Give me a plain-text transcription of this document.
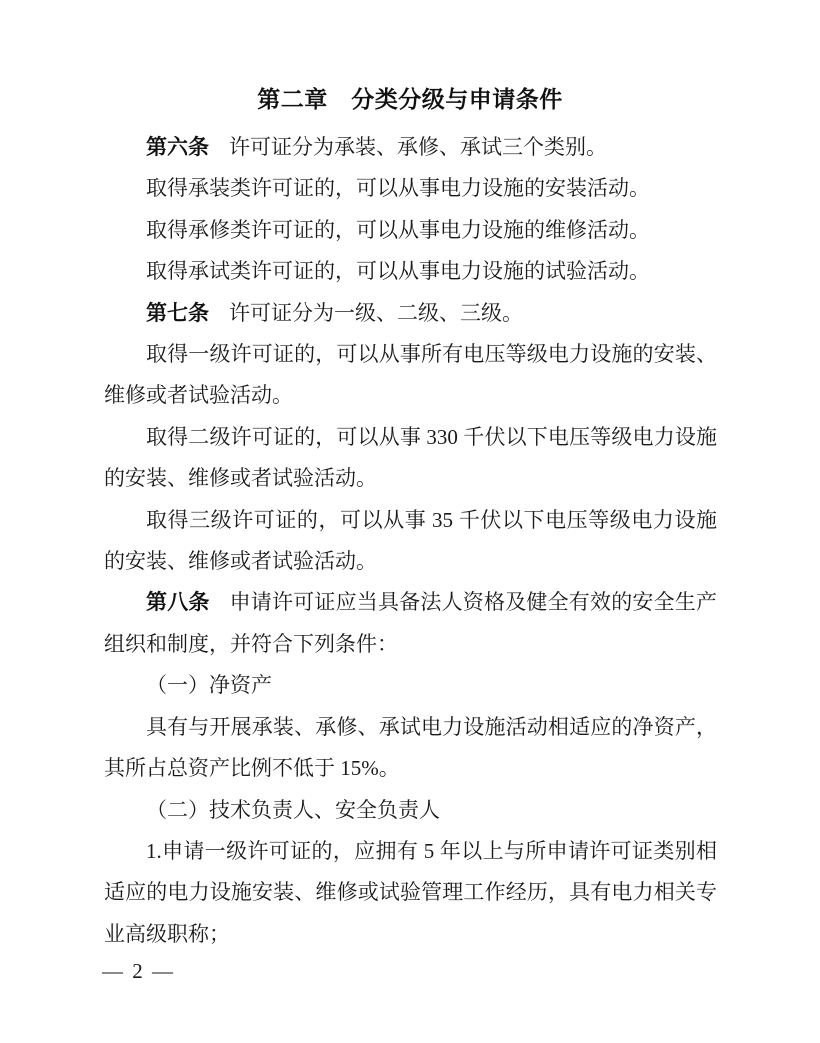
第二章　分类分级与申请条件

第六条 许可证分为承装、承修、承试三个类别。

取得承装类许可证的，可以从事电力设施的安装活动。

取得承修类许可证的，可以从事电力设施的维修活动。

取得承试类许可证的，可以从事电力设施的试验活动。

第七条 许可证分为一级、二级、三级。

取得一级许可证的，可以从事所有电压等级电力设施的安装、维修或者试验活动。

取得二级许可证的，可以从事 330 千伏以下电压等级电力设施的安装、维修或者试验活动。

取得三级许可证的，可以从事 35 千伏以下电压等级电力设施的安装、维修或者试验活动。

第八条 申请许可证应当具备法人资格及健全有效的安全生产组织和制度，并符合下列条件：

（一）净资产

具有与开展承装、承修、承试电力设施活动相适应的净资产，其所占总资产比例不低于 15%。

（二）技术负责人、安全负责人

1.申请一级许可证的，应拥有 5 年以上与所申请许可证类别相适应的电力设施安装、维修或试验管理工作经历，具有电力相关专业高级职称；

— 2 —
